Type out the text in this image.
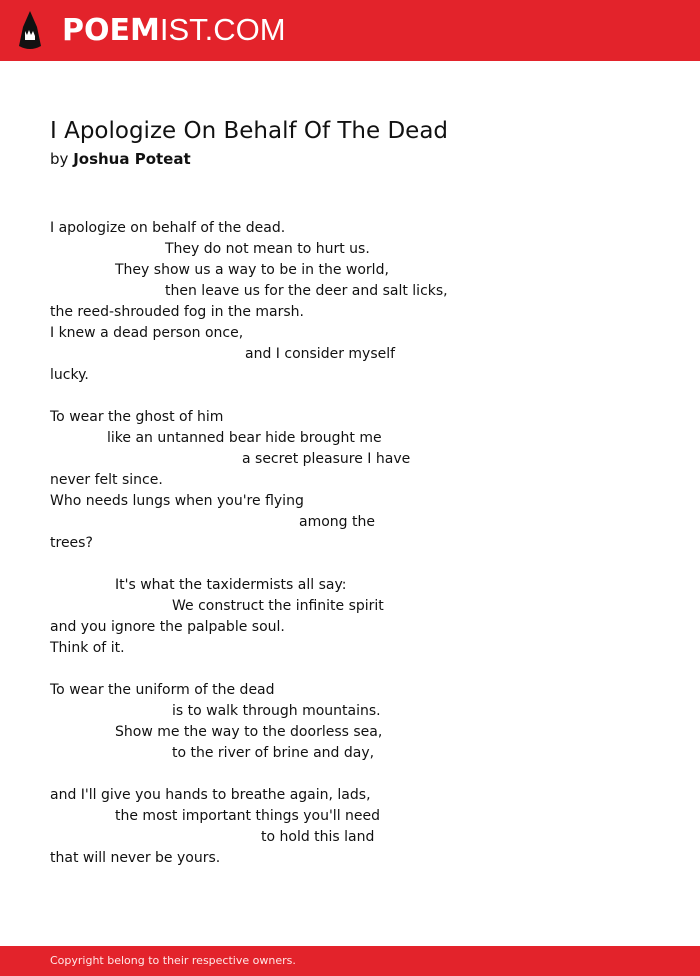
POEMIST.COM
I Apologize On Behalf Of The Dead
by Joshua Poteat
I apologize on behalf of the dead.
They do not mean to hurt us.
They show us a way to be in the world,
then leave us for the deer and salt licks,
the reed-shrouded fog in the marsh.
I knew a dead person once,
and I consider myself
lucky.
To wear the ghost of him
like an untanned bear hide brought me
a secret pleasure I have
never felt since.
Who needs lungs when you're flying
among the
trees?
It's what the taxidermists all say:
We construct the infinite spirit
and you ignore the palpable soul.
Think of it.
To wear the uniform of the dead
is to walk through mountains.
Show me the way to the doorless sea,
to the river of brine and day,
and I'll give you hands to breathe again, lads,
the most important things you'll need
to hold this land
that will never be yours.
Copyright belong to their respective owners.
